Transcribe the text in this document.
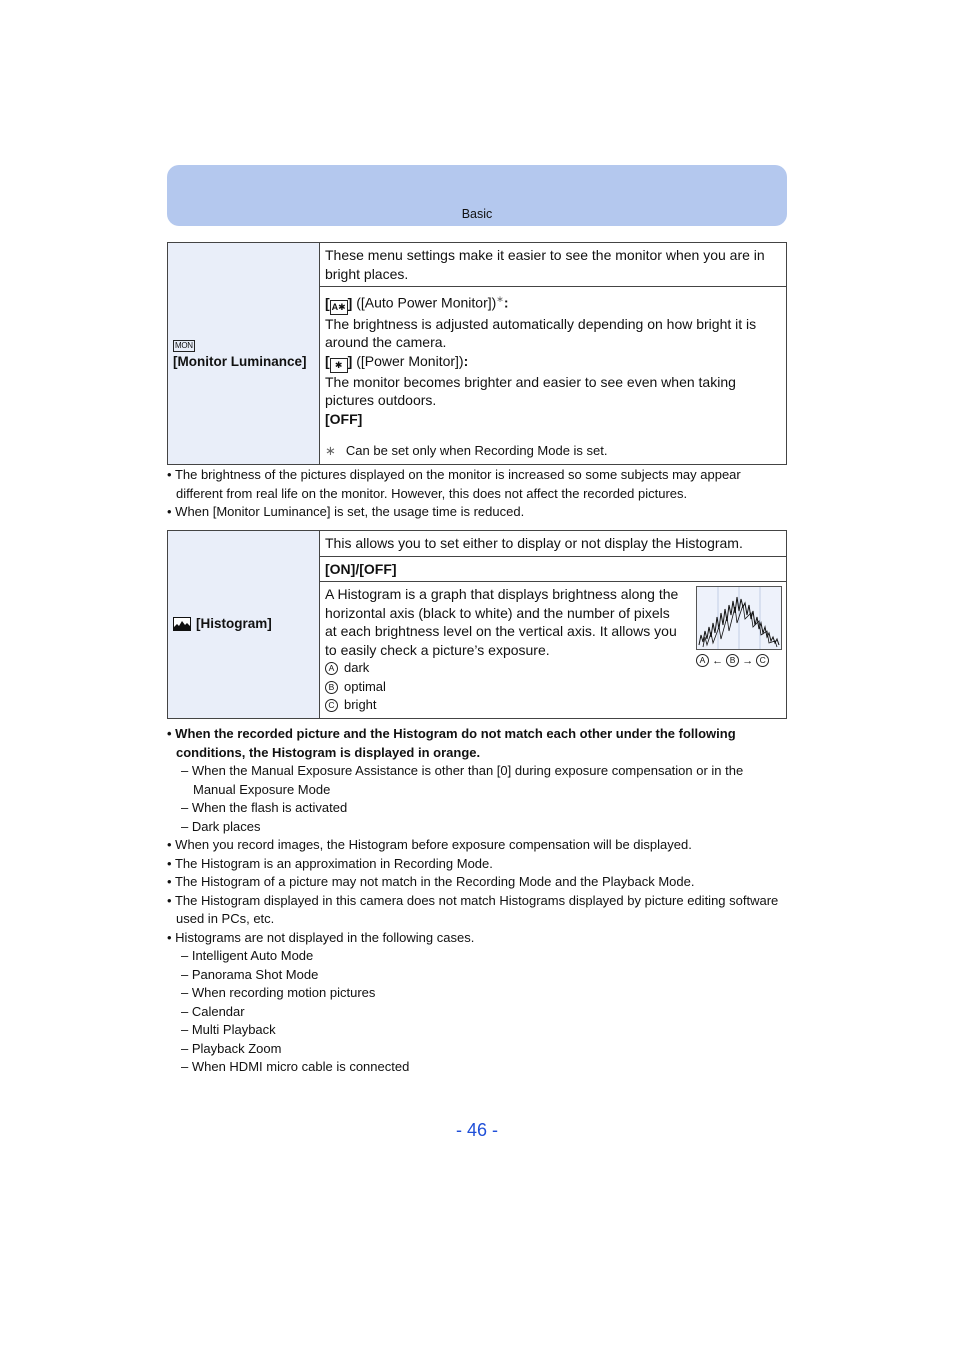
Basic
MON
[Monitor Luminance]	These menu settings make it easier to see the monitor when you are in bright places.

[ A✱ ] ([Auto Power Monitor])∗:
The brightness is adjusted automatically depending on how bright it is around the camera.
[ ✱ ] ([Power Monitor]):
The monitor becomes brighter and easier to see even when taking pictures outdoors.
[OFF]
∗ Can be set only when Recording Mode is set.
• The brightness of the pictures displayed on the monitor is increased so some subjects may appear different from real life on the monitor. However, this does not affect the recorded pictures.
• When [Monitor Luminance] is set, the usage time is reduced.
[Histogram]	This allows you to set either to display or not display the Histogram.
[ON]/[OFF]

A Histogram is a graph that displays brightness along the horizontal axis (black to white) and the number of pixels at each brightness level on the vertical axis. It allows you to easily check a picture’s exposure.
A dark
B optimal
C bright
A ← B → C
• When the recorded picture and the Histogram do not match each other under the following conditions, the Histogram is displayed in orange.
– When the Manual Exposure Assistance is other than [0] during exposure compensation or in the Manual Exposure Mode
– When the flash is activated
– Dark places
• When you record images, the Histogram before exposure compensation will be displayed.
• The Histogram is an approximation in Recording Mode.
• The Histogram of a picture may not match in the Recording Mode and the Playback Mode.
• The Histogram displayed in this camera does not match Histograms displayed by picture editing software used in PCs, etc.
• Histograms are not displayed in the following cases.
– Intelligent Auto Mode
– Panorama Shot Mode
– When recording motion pictures
– Calendar
– Multi Playback
– Playback Zoom
– When HDMI micro cable is connected
- 46 -
